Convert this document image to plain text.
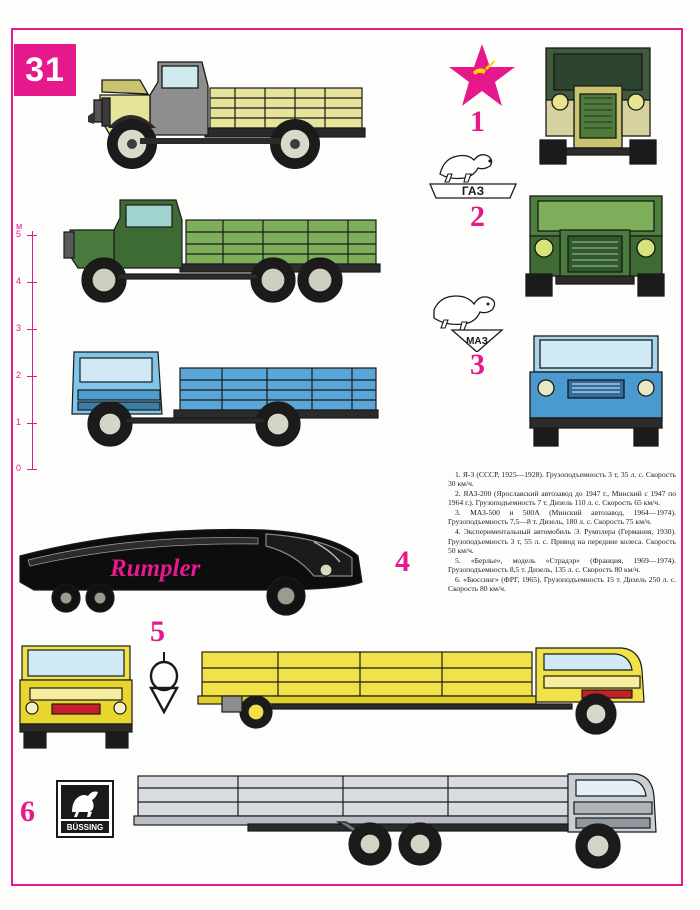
31
м
5
4
3
2
1
0
1
ГАЗ
2
МАЗ
3
Rumpler	4
5
6	BÜSSING

1. Я-3 (СССР, 1925—1928). Грузоподъемность 3 т, 35 л. с. Скорость 30 км/ч.

2. ЯАЗ-200 (Ярославский автозавод до 1947 г., Минский с 1947 по 1964 г.). Грузоподъемность 7 т. Дизель 110 л. с. Скорость 65 км/ч.

3. МАЗ-500 и 500А (Минский автозавод, 1964—1974). Грузоподъемность 7,5—8 т. Дизель, 180 л. с. Скорость 75 км/ч.

4. Экспериментальный автомобиль Э. Румплера (Германия, 1930). Грузоподъемность 3 т, 55 л. с. Привод на передние колеса. Скорость 50 км/ч.

5. «Берлье», модель «Страдэр» (Франция, 1969—1974). Грузоподъемность 8,5 т. Дизель, 135 л. с. Скорость 80 км/ч.

6. «Бюссинг» (ФРГ, 1965). Грузоподъемность 15 т. Дизель 250 л. с. Скорость 80 км/ч.
